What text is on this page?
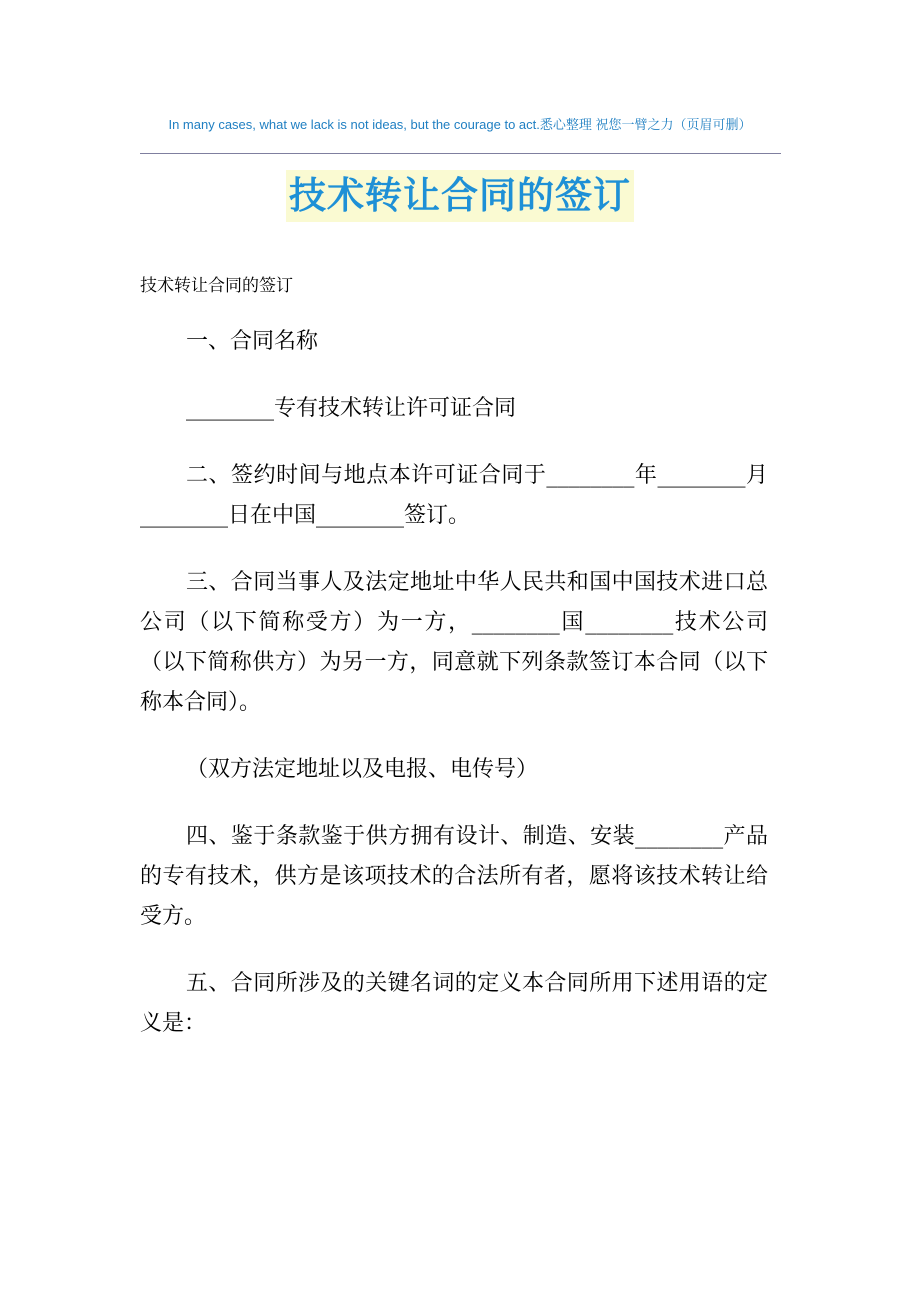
In many cases, what we lack is not ideas, but the courage to act.悉心整理 祝您一臂之力（页眉可删）
技术转让合同的签订
技术转让合同的签订

一、合同名称

________专有技术转让许可证合同

二、签约时间与地点本许可证合同于________年________月________日在中国________签订。

三、合同当事人及法定地址中华人民共和国中国技术进口总公司（以下简称受方）为一方，________国________技术公司（以下简称供方）为另一方，同意就下列条款签订本合同（以下称本合同）。

（双方法定地址以及电报、电传号）

四、鉴于条款鉴于供方拥有设计、制造、安装________产品的专有技术，供方是该项技术的合法所有者，愿将该技术转让给受方。

五、合同所涉及的关键名词的定义本合同所用下述用语的定义是：
